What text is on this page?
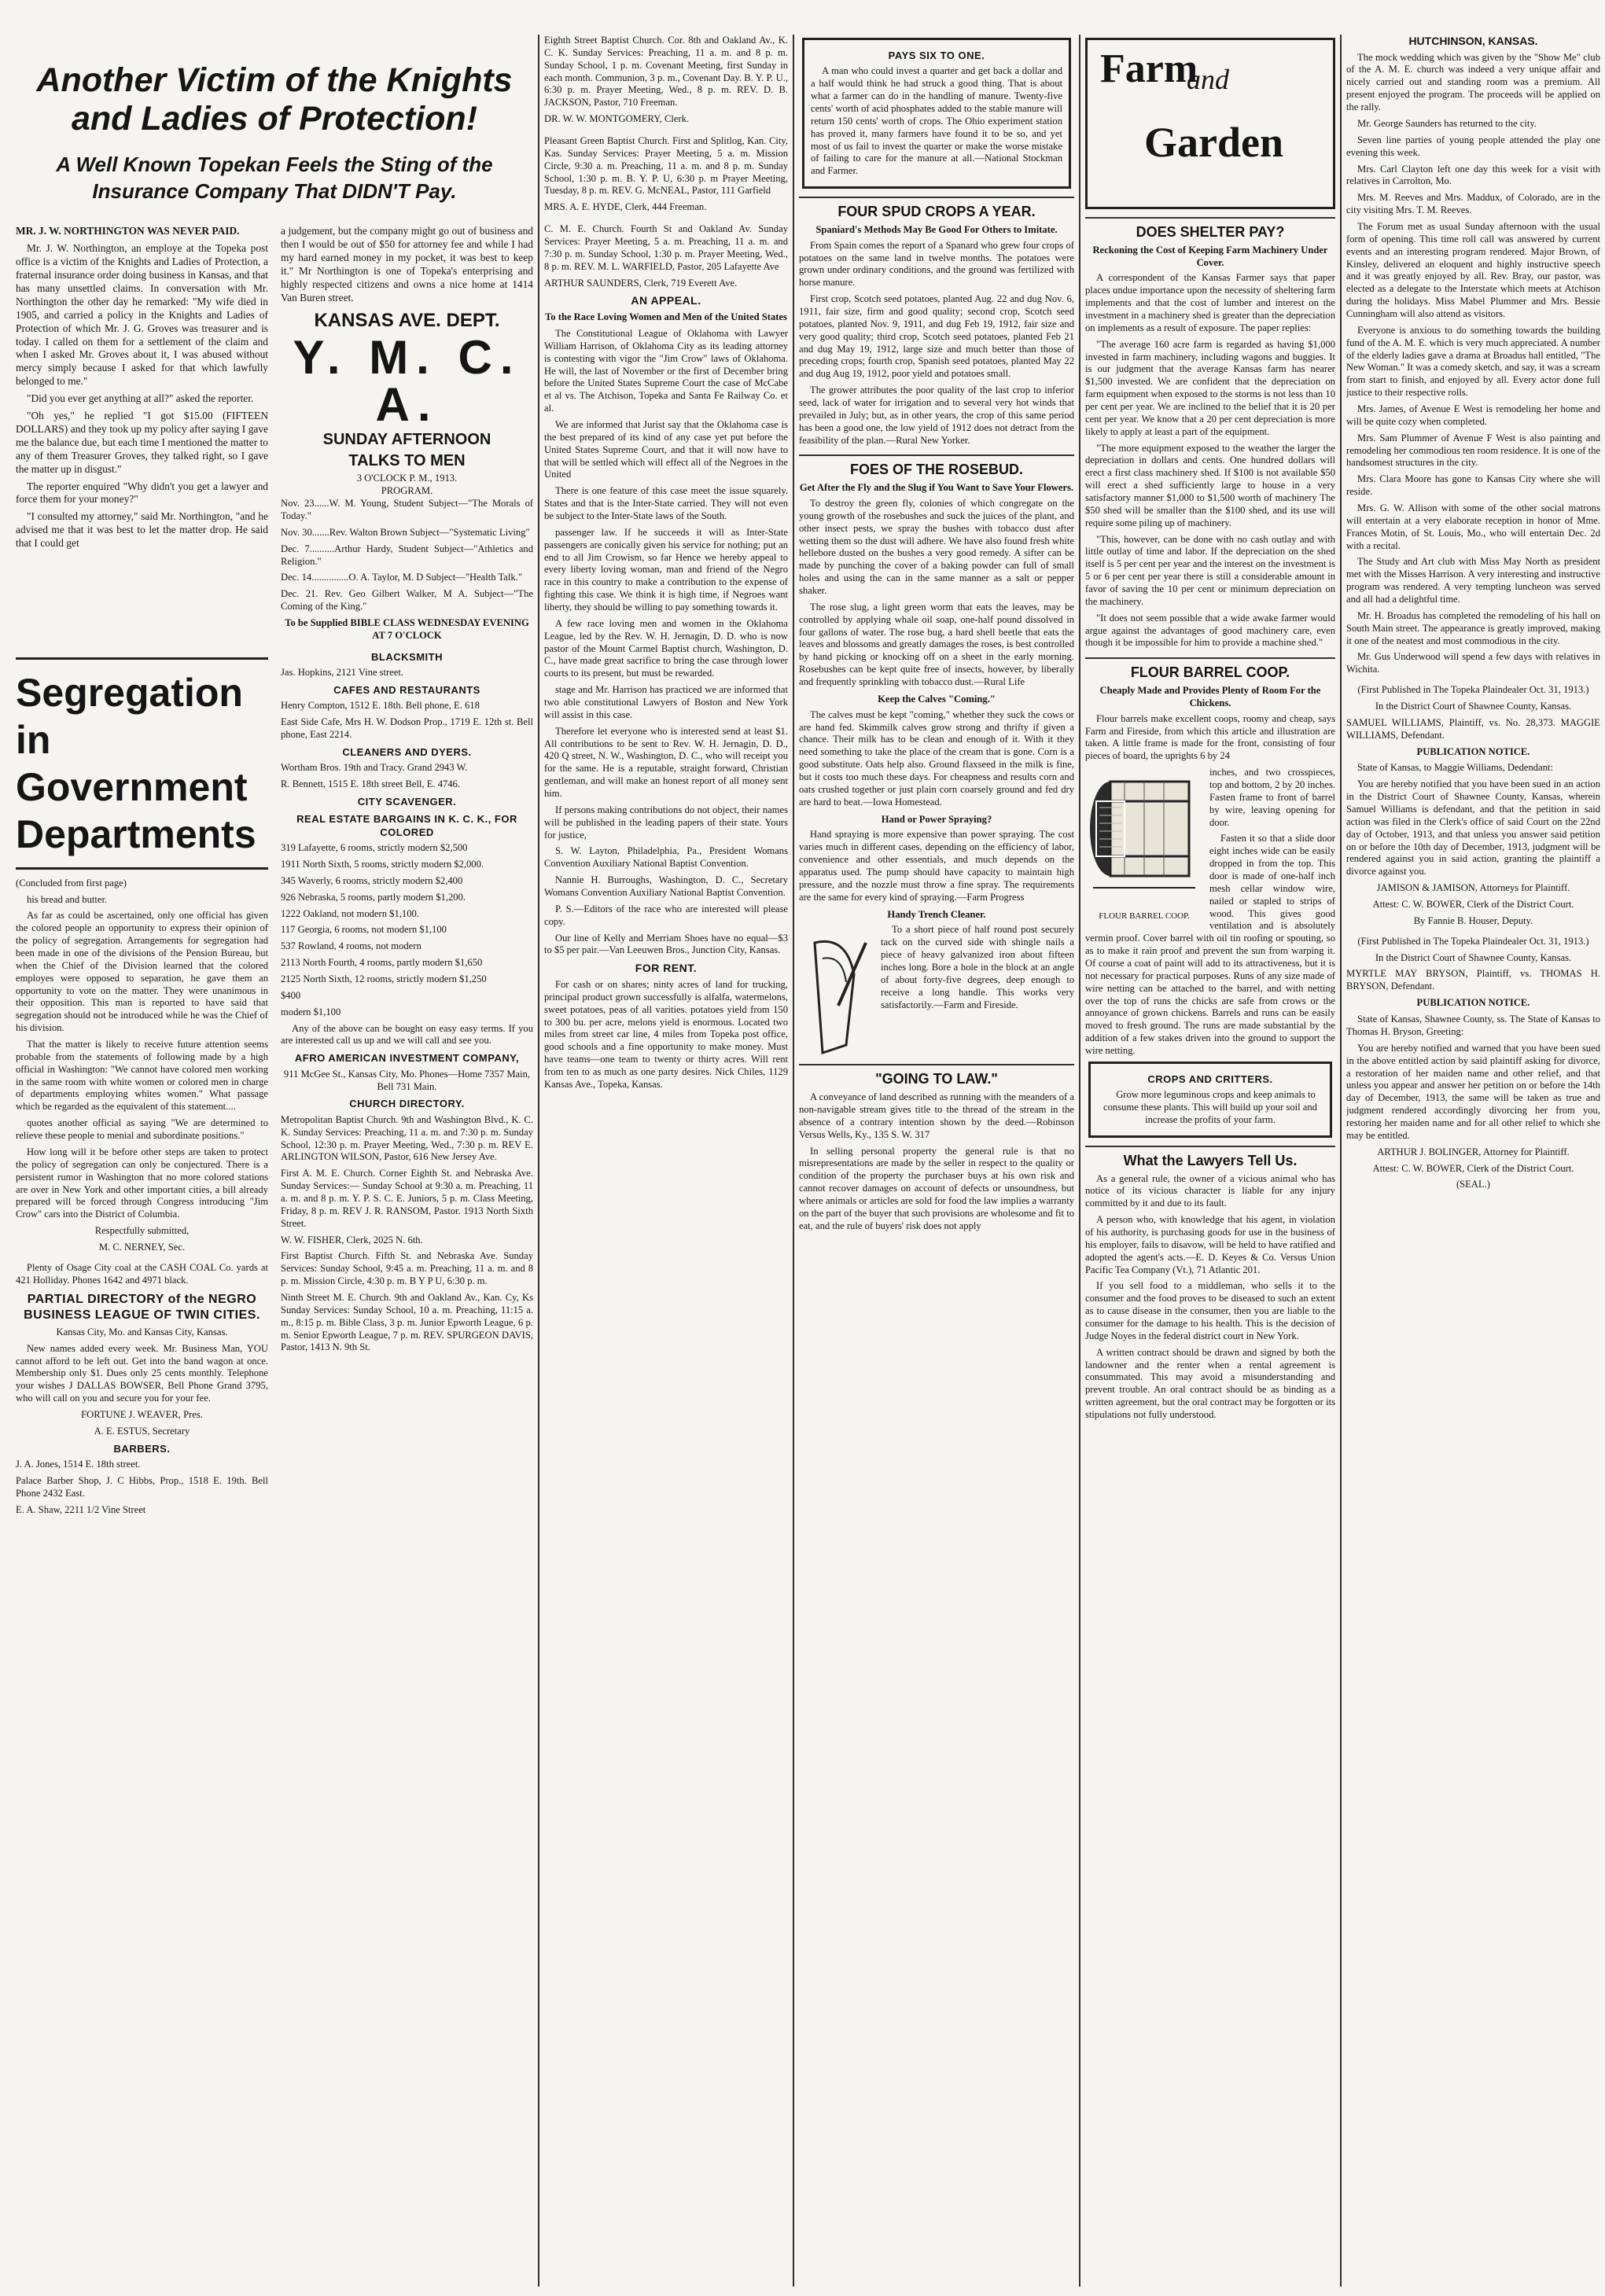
Another Victim of the Knights and Ladies of Protection!
A Well Known Topekan Feels the Sting of the Insurance Company That DIDN'T Pay.

MR. J. W. NORTHINGTON WAS NEVER PAID.

Mr. J. W. Northington, an employe at the Topeka post office is a victim of the Knights and Ladies of Protection, a fraternal insurance order doing business in Kansas, and that has many unsettled claims. In conversation with Mr. Northington the other day he remarked: "My wife died in 1905, and carried a policy in the Knights and Ladies of Protection of which Mr. J. G. Groves was treasurer and is today. I called on them for a settlement of the claim and when I asked Mr. Groves about it, I was abused without mercy simply because I asked for that which lawfully belonged to me."

"Did you ever get anything at all?" asked the reporter.

"Oh yes," he replied "I got $15.00 (FIFTEEN DOLLARS) and they took up my policy after saying I gave me the balance due, but each time I mentioned the matter to any of them Treasurer Groves, they talked right, so I gave the matter up in disgust."

The reporter enquired "Why didn't you get a lawyer and force them for your money?"

"I consulted my attorney," said Mr. Northington, "and he advised me that it was best to let the matter drop. He said that I could get

a judgement, but the company might go out of business and then I would be out of $50 for attorney fee and while I had my hard earned money in my pocket, it was best to keep it." Mr Northington is one of Topeka's enterprising and highly respected citizens and owns a nice home at 1414 Van Buren street.

KANSAS AVE. DEPT.
Y. M. C. A.
SUNDAY AFTERNOON
TALKS TO MEN
3 O'CLOCK P. M., 1913.
PROGRAM.

Nov. 23......W. M. Young, Student Subject—"The Morals of Today."

Nov. 30.......Rev. Walton Brown Subject—"Systematic Living"

Dec. 7..........Arthur Hardy, Student Subject—"Athletics and Religion."

Dec. 14...............O. A. Taylor, M. D Subject—"Health Talk."

Dec. 21. Rev. Geo Gilbert Walker, M A. Subject—"The Coming of the King."

To be Supplied BIBLE CLASS WEDNESDAY EVENING AT 7 O'CLOCK

Segregation in Government Departments

(Concluded from first page)

his bread and butter.

As far as could be ascertained, only one official has given the colored people an opportunity to express their opinion of the policy of segregation. Arrangements for segregation had been made in one of the divisions of the Pension Bureau, but when the Chief of the Division learned that the colored employes were opposed to separation, he gave them an opportunity to vote on the matter. They were unanimous in their opposition. This man is reported to have said that segregation should not be introduced while he was the Chief of his division.

That the matter is likely to receive future attention seems probable from the statements of following made by a high official in Washington: "We cannot have colored men working in the same room with white women or colored men in charge of departments employing whites women." What passage which be regarded as the equivalent of this statement....

quotes another official as saying "We are determined to relieve these people to menial and subordinate positions."

How long will it be before other steps are taken to protect the policy of segregation can only be conjectured. There is a persistent rumor in Washington that no more colored stations are over in New York and other important cities, a bill already prepared will be forced through Congress introducing "Jim Crow" cars into the District of Columbia.

Respectfully submitted,

M. C. NERNEY, Sec.

Plenty of Osage City coal at the CASH COAL Co. yards at 421 Holliday. Phones 1642 and 4971 black.

PARTIAL DIRECTORY of the NEGRO BUSINESS LEAGUE OF TWIN CITIES.

Kansas City, Mo. and Kansas City, Kansas.

New names added every week. Mr. Business Man, YOU cannot afford to be left out. Get into the band wagon at once. Membership only $1. Dues only 25 cents monthly. Telephone your wishes J DALLAS BOWSER, Bell Phone Grand 3795, who will call on you and secure you for your fee.

FORTUNE J. WEAVER, Pres.

A. E. ESTUS, Secretary

BARBERS.

J. A. Jones, 1514 E. 18th street.

Palace Barber Shop, J. C Hibbs, Prop., 1518 E. 19th. Bell Phone 2432 East.

E. A. Shaw, 2211 1/2 Vine Street

BLACKSMITH

Jas. Hopkins, 2121 Vine street.

CAFES AND RESTAURANTS

Henry Compton, 1512 E. 18th. Bell phone, E. 618

East Side Cafe, Mrs H. W. Dodson Prop., 1719 E. 12th st. Bell phone, East 2214.

CLEANERS AND DYERS.

Wortham Bros. 19th and Tracy. Grand 2943 W.

R. Bennett, 1515 E. 18th street Bell, E. 4746.

CITY SCAVENGER.
REAL ESTATE BARGAINS IN K. C. K., FOR COLORED

319 Lafayette, 6 rooms, strictly modern $2,500

1911 North Sixth, 5 rooms, strictly modern $2,000.

345 Waverly, 6 rooms, strictly modern $2,400

926 Nebraska, 5 rooms, partly modern $1,200.

1222 Oakland, not modern $1,100.

117 Georgia, 6 rooms, not modern $1,100

537 Rowland, 4 rooms, not modern

2113 North Fourth, 4 rooms, partly modern $1,650

2125 North Sixth, 12 rooms, strictly modern $1,250

$400

modern $1,100

Any of the above can be bought on easy easy terms. If you are interested call us up and we will call and see you.

AFRO AMERICAN INVESTMENT COMPANY,

911 McGee St., Kansas City, Mo. Phones—Home 7357 Main, Bell 731 Main.

CHURCH DIRECTORY.

Metropolitan Baptist Church. 9th and Washington Blvd., K. C. K. Sunday Services: Preaching, 11 a. m. and 7:30 p. m. Sunday School, 12:30 p. m. Prayer Meeting, Wed., 7:30 p. m. REV E. ARLINGTON WILSON, Pastor, 616 New Jersey Ave.

First A. M. E. Church. Corner Eighth St. and Nebraska Ave. Sunday Services:— Sunday School at 9:30 a. m. Preaching, 11 a. m. and 8 p. m. Y. P. S. C. E. Juniors, 5 p. m. Class Meeting, Friday, 8 p. m. REV J. R. RANSOM, Pastor. 1913 North Sixth Street.

W. W. FISHER, Clerk, 2025 N. 6th.

First Baptist Church. Fifth St. and Nebraska Ave. Sunday Services: Sunday School, 9:45 a. m. Preaching, 11 a. m. and 8 p. m. Mission Circle, 4:30 p. m. B Y P U, 6:30 p. m.

Ninth Street M. E. Church. 9th and Oakland Av., Kan. Cy, Ks Sunday Services: Sunday School, 10 a. m. Preaching, 11:15 a. m., 8:15 p. m. Bible Class, 3 p. m. Junior Epworth League, 6 p. m. Senior Epworth League, 7 p. m. REV. SPURGEON DAVIS, Pastor, 1413 N. 9th St.

Eighth Street Baptist Church. Cor. 8th and Oakland Av., K. C. K. Sunday Services: Preaching, 11 a. m. and 8 p. m. Sunday School, 1 p. m. Covenant Meeting, first Sunday in each month. Communion, 3 p. m., Covenant Day. B. Y. P. U., 6:30 p. m. Prayer Meeting, Wed., 8 p. m. REV. D. B. JACKSON, Pastor, 710 Freeman.

DR. W. W. MONTGOMERY, Clerk.

Pleasant Green Baptist Church. First and Splitlog, Kan. City, Kas. Sunday Services: Prayer Meeting, 5 a. m. Mission Circle, 9:30 a. m. Preaching, 11 a. m. and 8 p. m. Sunday School, 1:30 p. m. B. Y. P. U, 6:30 p. m Prayer Meeting, Tuesday, 8 p. m. REV. G. McNEAL, Pastor, 111 Garfield

MRS. A. E. HYDE, Clerk, 444 Freeman.

C. M. E. Church. Fourth St and Oakland Av. Sunday Services: Prayer Meeting, 5 a. m. Preaching, 11 a. m. and 7:30 p. m. Sunday School, 1:30 p. m. Prayer Meeting, Wed., 8 p. m. REV. M. L. WARFIELD, Pastor, 205 Lafayette Ave

ARTHUR SAUNDERS, Clerk, 719 Everett Ave.

AN APPEAL.

To the Race Loving Women and Men of the United States

The Constitutional League of Oklahoma with Lawyer William Harrison, of Oklahoma City as its leading attorney is contesting with vigor the "Jim Crow" laws of Oklahoma. He will, the last of November or the first of December bring before the United States Supreme Court the case of McCabe et al vs. The Atchison, Topeka and Santa Fe Railway Co. et al.

We are informed that Jurist say that the Oklahoma case is the best prepared of its kind of any case yet put before the United States Supreme Court, and that it will now have to that will be settled which will effect all of the Negroes in the United

There is one feature of this case meet the issue squarely. States and that is the Inter-State carried. They will not even be subject to the Inter-State laws of the South.

passenger law. If he succeeds it will as Inter-State passengers are conically given his service for nothing; put an end to all Jim Crowism, so far Hence we hereby appeal to every liberty loving woman, man and friend of the Negro race in this country to make a contribution to the expense of fighting this case. We think it is high time, if Negroes want liberty, they should be willing to pay something towards it.

A few race loving men and women in the Oklahoma League, led by the Rev. W. H. Jernagin, D. D. who is now pastor of the Mount Carmel Baptist church, Washington, D. C., have made great sacrifice to bring the case through lower courts to its present, but must be rewarded.

stage and Mr. Harrison has practiced we are informed that two able constitutional Lawyers of Boston and New York will assist in this case.

Therefore let everyone who is interested send at least $1. All contributions to be sent to Rev. W. H. Jernagin, D. D., 420 Q street, N. W., Washington, D. C., who will receipt you for the same. He is a reputable, straight forward, Christian gentleman, and will make an honest report of all money sent him.

If persons making contributions do not object, their names will be published in the leading papers of their state. Yours for justice,

S. W. Layton, Philadelphia, Pa., President Womans Convention Auxiliary National Baptist Convention.

Nannie H. Burroughs, Washington, D. C., Secretary Womans Convention Auxiliary National Baptist Convention.

P. S.—Editors of the race who are interested will please copy.

Our line of Kelly and Merriam Shoes have no equal—$3 to $5 per pair.—Van Leeuwen Bros., Junction City, Kansas.

FOR RENT.

For cash or on shares; ninty acres of land for trucking, principal product grown successfully is alfalfa, watermelons, sweet potatoes, peas of all varities. potatoes yield from 150 to 300 bu. per acre, melons yield is enormous. Located two miles from street car line, 4 miles from Topeka post office, good schools and a fine opportunity to make money. Must have teams—one team to twenty or thirty acres. Will rent from ten to as much as one party desires. Nick Chiles, 1129 Kansas Ave., Topeka, Kansas.

PAYS SIX TO ONE.

A man who could invest a quarter and get back a dollar and a half would think he had struck a good thing. That is about what a farmer can do in the handling of manure. Twenty-five cents' worth of acid phosphates added to the stable manure will return 150 cents' worth of crops. The Ohio experiment station has proved it, many farmers have found it to be so, and yet most of us fail to invest the quarter or make the worse mistake of failing to care for the manure at all.—National Stockman and Farmer.

FOUR SPUD CROPS A YEAR.
Spaniard's Methods May Be Good For Others to Imitate.

From Spain comes the report of a Spanard who grew four crops of potatoes on the same land in twelve months. The potatoes were grown under ordinary conditions, and the ground was fertilized with horse manure.

First crop, Scotch seed potatoes, planted Aug. 22 and dug Nov. 6, 1911, fair size, firm and good quality; second crop, Scotch seed potatoes, planted Nov. 9, 1911, and dug Feb 19, 1912, fair size and very good quality; third crop, Scotch seed potatoes, planted Feb 21 and dug May 19, 1912, large size and much better than those of preceding crops; fourth crop, Spanish seed potatoes, planted May 22 and dug Aug 19, 1912, poor yield and potatoes small.

The grower attributes the poor quality of the last crop to inferior seed, lack of water for irrigation and to several very hot winds that prevailed in July; but, as in other years, the crop of this same period has been a good one, the low yield of 1912 does not detract from the feasibility of the plan.—Rural New Yorker.

FOES OF THE ROSEBUD.
Get After the Fly and the Slug if You Want to Save Your Flowers.

To destroy the green fly, colonies of which congregate on the young growth of the rosebushes and suck the juices of the plant, and other insect pests, we spray the bushes with tobacco dust after wetting them so the dust will adhere. We have also found fresh white hellebore dusted on the bushes a very good remedy. A sifter can be made by punching the cover of a baking powder can full of small holes and using the can in the same manner as a salt or pepper shaker.

The rose slug, a light green worm that eats the leaves, may be controlled by applying whale oil soap, one-half pound dissolved in four gallons of water. The rose bug, a hard shell beetle that eats the leaves and blossoms and greatly damages the roses, is best controlled by hand picking or knocking off on a sheet in the early morning. Rosebushes can be kept quite free of insects, however, by liberally and frequently sprinkling with tobacco dust.—Rural Life

Keep the Calves "Coming."

The calves must be kept "coming," whether they suck the cows or are hand fed. Skimmilk calves grow strong and thrifty if given a chance. Their milk has to be clean and enough of it. With it they need something to take the place of the cream that is gone. Corn is a good substitute. Oats help also. Ground flaxseed in the milk is fine, but it costs too much these days. For cheapness and results corn and oats crushed together or just plain corn coarsely ground and fed dry are hard to beat.—Iowa Homestead.

Hand or Power Spraying?

Hand spraying is more expensive than power spraying. The cost varies much in different cases, depending on the efficiency of labor, convenience and other essentials, and much depends on the apparatus used. The pump should have capacity to maintain high pressure, and the nozzle must throw a fine spray. The requirements are the same for every kind of spraying.—Farm Progress

Handy Trench Cleaner.

To a short piece of half round post securely tack on the curved side with shingle nails a piece of heavy galvanized iron about fifteen inches long. Bore a hole in the block at an angle of about forty-five degrees, deep enough to receive a long handle. This works very satisfactorily.—Farm and Fireside.

"GOING TO LAW."

A conveyance of land described as running with the meanders of a non-navigable stream gives title to the thread of the stream in the absence of a contrary intention shown by the deed.—Robinson Versus Wells, Ky., 135 S. W. 317

In selling personal property the general rule is that no misrepresentations are made by the seller in respect to the quality or condition of the property the purchaser buys at his own risk and cannot recover damages on account of defects or unsoundness, but where animals or articles are sold for food the law implies a warranty on the part of the buyer that such provisions are wholesome and fit to eat, and the rule of buyers' risk does not apply

Farm
and
Garden
DOES SHELTER PAY?
Reckoning the Cost of Keeping Farm Machinery Under Cover.

A correspondent of the Kansas Farmer says that paper places undue importance upon the necessity of sheltering farm implements and that the cost of lumber and interest on the investment in a machinery shed is greater than the depreciation on implements as a result of exposure. The paper replies:

"The average 160 acre farm is regarded as having $1,000 invested in farm machinery, including wagons and buggies. It is our judgment that the average Kansas farm has nearer $1,500 invested. We are confident that the depreciation on farm equipment when exposed to the storms is not less than 10 per cent per year. We are inclined to the belief that it is 20 per cent per year. We know that a 20 per cent depreciation is more likely to apply at least a part of the equipment.

"The more equipment exposed to the weather the larger the depreciation in dollars and cents. One hundred dollars will erect a first class machinery shed. If $100 is not available $50 will erect a shed sufficiently large to house in a very satisfactory manner $1,000 to $1,500 worth of machinery The $50 shed will be smaller than the $100 shed, and its use will require some piling up of machinery.

"This, however, can be done with no cash outlay and with little outlay of time and labor. If the depreciation on the shed itself is 5 per cent per year and the interest on the investment is 5 or 6 per cent per year there is still a considerable amount in favor of saving the 10 per cent or minimum depreciation on the machinery.

"It does not seem possible that a wide awake farmer would argue against the advantages of good machinery care, even though it be impossible for him to provide a machine shed."

FLOUR BARREL COOP.
Cheaply Made and Provides Plenty of Room For the Chickens.

Flour barrels make excellent coops, roomy and cheap, says Farm and Fireside, from which this article and illustration are taken. A little frame is made for the front, consisting of four pieces of board, the uprights 6 by 24

FLOUR BARREL COOP.

inches, and two crosspieces, top and bottom, 2 by 20 inches. Fasten frame to front of barrel by wire, leaving opening for door.

Fasten it so that a slide door eight inches wide can be easily dropped in from the top. This door is made of one-half inch mesh cellar window wire, nailed or stapled to strips of wood. This gives good ventilation and is absolutely vermin proof. Cover barrel with oil tin roofing or spouting, so as to make it rain proof and prevent the sun from warping it. Of course a coat of paint will add to its attractiveness, but it is not necessary for practical purposes. Runs of any size made of wire netting can be attached to the barrel, and with netting over the top of runs the chicks are safe from crows or the annoyance of grown chickens. Barrels and runs can be easily moved to fresh ground. The runs are made substantial by the addition of a few stakes driven into the ground to support the wire netting.

CROPS AND CRITTERS.

Grow more leguminous crops and keep animals to consume these plants. This will build up your soil and increase the profits of your farm.

What the Lawyers Tell Us.

As a general rule, the owner of a vicious animal who has notice of its vicious character is liable for any injury committed by it and due to its fault.

A person who, with knowledge that his agent, in violation of his authority, is purchasing goods for use in the business of his employer, fails to disavow, will be held to have ratified and adopted the agent's acts.—E. D. Keyes & Co. Versus Union Pacific Tea Company (Vt.), 71 Atlantic 201.

If you sell food to a middleman, who sells it to the consumer and the food proves to be diseased to such an extent as to cause disease in the consumer, then you are liable to the consumer for the damage to his health. This is the decision of Judge Noyes in the federal district court in New York.

A written contract should be drawn and signed by both the landowner and the renter when a rental agreement is consummated. This may avoid a misunderstanding and prevent trouble. An oral contract should be as binding as a written agreement, but the oral contract may be forgotten or its stipulations not fully understood.

HUTCHINSON, KANSAS.

The mock wedding which was given by the "Show Me" club of the A. M. E. church was indeed a very unique affair and nicely carried out and standing room was a premium. All present enjoyed the program. The proceeds will be applied on the rally.

Mr. George Saunders has returned to the city.

Seven line parties of young people attended the play one evening this week.

Mrs. Carl Clayton left one day this week for a visit with relatives in Carrolton, Mo.

Mrs. M. Reeves and Mrs. Maddux, of Colorado, are in the city visiting Mrs. T. M. Reeves.

The Forum met as usual Sunday afternoon with the usual form of opening. This time roll call was answered by current events and an interesting program rendered. Major Brown, of Kinsley, delivered an eloquent and highly instructive speech and it was greatly enjoyed by all. Rev. Bray, our pastor, was elected as a delegate to the Interstate which meets at Atchison during the holidays. Miss Mabel Plummer and Mrs. Bessie Cunningham will also attend as visitors.

Everyone is anxious to do something towards the building fund of the A. M. E. which is very much appreciated. A number of the elderly ladies gave a drama at Broadus hall entitled, "The New Woman." It was a comedy sketch, and say, it was a scream from start to finish, and enjoyed by all. Every actor done full justice to their respective rolls.

Mrs. James, of Avenue E West is remodeling her home and will be quite cozy when completed.

Mrs. Sam Plummer of Avenue F West is also painting and remodeling her commodious ten room residence. It is one of the handsomest structures in the city.

Mrs. Clara Moore has gone to Kansas City where she will reside.

Mrs. G. W. Allison with some of the other social matrons will entertain at a very elaborate reception in honor of Mme. Frances Motin, of St. Louis, Mo., who will entertain Dec. 2d with a recital.

The Study and Art club with Miss May North as president met with the Misses Harrison. A very interesting and instructive program was rendered. A very tempting luncheon was served and all had a delightful time.

Mr. H. Broadus has completed the remodeling of his hall on South Main street. The appearance is greatly improved, making it one of the neatest and most commodious in the city.

Mr. Gus Underwood will spend a few days with relatives in Wichita.

(First Published in The Topeka Plaindealer Oct. 31, 1913.)

In the District Court of Shawnee County, Kansas.

SAMUEL WILLIAMS, Plaintiff, vs. No. 28,373. MAGGIE WILLIAMS, Defendant.

PUBLICATION NOTICE.

State of Kansas, to Maggie Williams, Dedendant:

You are hereby notified that you have been sued in an action in the District Court of Shawnee County, Kansas, wherein Samuel Williams is defendant, and that the petition in said action was filed in the Clerk's office of said Court on the 22nd day of October, 1913, and that unless you answer said petition on or before the 10th day of December, 1913, judgment will be rendered against you in said action, granting the plaintiff a divorce against you.

JAMISON & JAMISON, Attorneys for Plaintiff.

Attest: C. W. BOWER, Clerk of the District Court.

By Fannie B. Houser, Deputy.

(First Published in The Topeka Plaindealer Oct. 31, 1913.)

In the District Court of Shawnee County, Kansas.

MYRTLE MAY BRYSON, Plaintiff, vs. THOMAS H. BRYSON, Defendant.

PUBLICATION NOTICE.

State of Kansas, Shawnee County, ss. The State of Kansas to Thomas H. Bryson, Greeting:

You are hereby notified and warned that you have been sued in the above entitled action by said plaintiff asking for divorce, a restoration of her maiden name and other relief, and that unless you appear and answer her petition on or before the 14th day of December, 1913, the same will be taken as true and judgment rendered accordingly divorcing her from you, restoring her maiden name and for all other relief to which she may be entitled.

ARTHUR J. BOLINGER, Attorney for Plaintiff.

Attest: C. W. BOWER, Clerk of the District Court.

(SEAL.)
